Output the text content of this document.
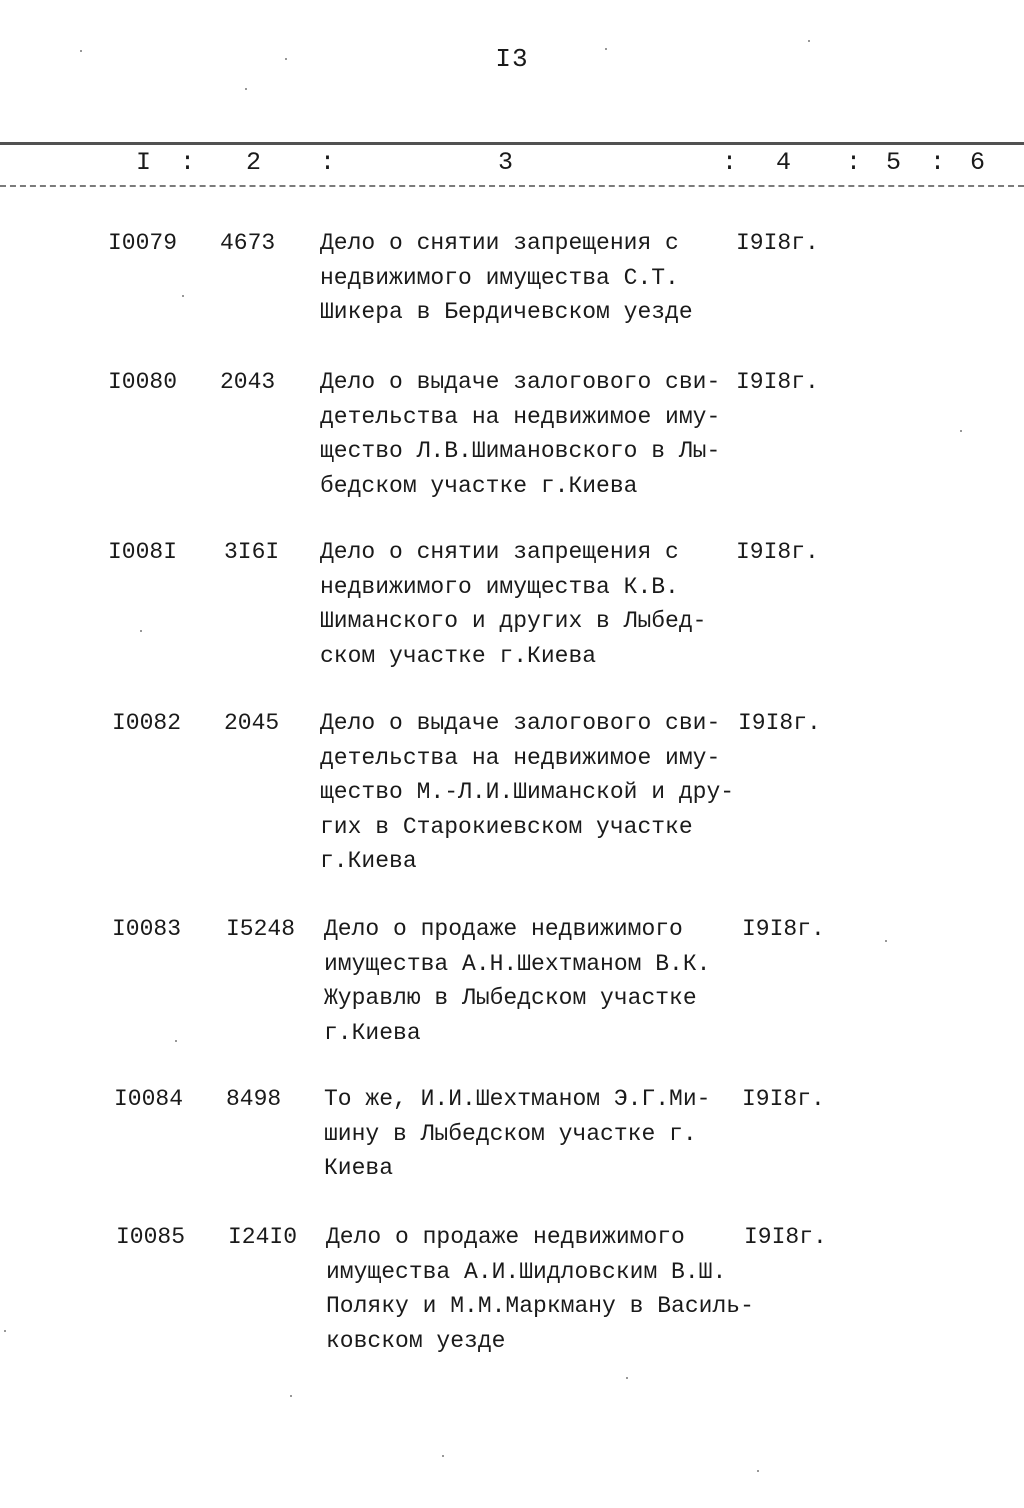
I3
I : 2 :	3	: 4 : 5 : 6
I0079 4673 Дело о снятии запрещения с
недвижимого имущества С.Т.
Шикера в Бердичевском уезде
I9I8г.
I0080 2043 Дело о выдаче залогового сви-
детельства на недвижимое иму-
щество Л.В.Шимановского в Лы-
бедском участке г.Киева
I9I8г.
I008I 3I6I Дело о снятии запрещения с
недвижимого имущества К.В.
Шиманского и других в Лыбед-
ском участке г.Киева
I9I8г.
I0082 2045 Дело о выдаче залогового сви-
детельства на недвижимое иму-
щество М.-Л.И.Шиманской и дру-
гих в Старокиевском участке
г.Киева
I9I8г.
I0083 I5248 Дело о продаже недвижимого
имущества А.Н.Шехтманом В.К.
Журавлю в Лыбедском участке
г.Киева
I9I8г.
I0084 8498 То же, И.И.Шехтманом Э.Г.Ми-
шину в Лыбедском участке г.
Киева
I9I8г.
I0085 I24I0 Дело о продаже недвижимого
имущества А.И.Шидловским В.Ш.
Поляку и М.М.Маркману в Василь-
ковском уезде
I9I8г.
